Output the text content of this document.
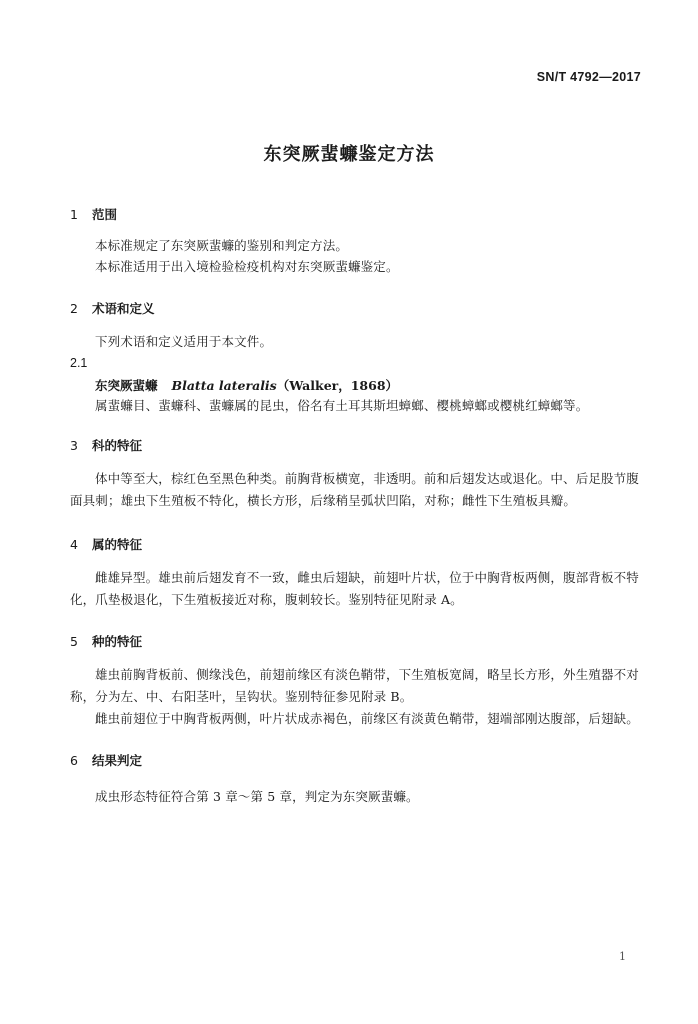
SN/T 4792—2017
东突厥蜚蠊鉴定方法
1 范围
本标准规定了东突厥蜚蠊的鉴别和判定方法。
本标准适用于出入境检验检疫机构对东突厥蜚蠊鉴定。
2 术语和定义
下列术语和定义适用于本文件。
2.1
东突厥蜚蠊 Blatta lateralis（Walker，1868）
属蜚蠊目、蜚蠊科、蜚蠊属的昆虫，俗名有土耳其斯坦蟑螂、樱桃蟑螂或樱桃红蟑螂等。
3 科的特征
体中等至大，棕红色至黑色种类。前胸背板横宽，非透明。前和后翅发达或退化。中、后足股节腹面具刺；雄虫下生殖板不特化，横长方形，后缘稍呈弧状凹陷，对称；雌性下生殖板具瓣。
4 属的特征
雌雄异型。雄虫前后翅发育不一致，雌虫后翅缺，前翅叶片状，位于中胸背板两侧，腹部背板不特化，爪垫极退化，下生殖板接近对称，腹刺较长。鉴别特征见附录 A。
5 种的特征
雄虫前胸背板前、侧缘浅色，前翅前缘区有淡色鞘带，下生殖板宽阔，略呈长方形，外生殖器不对称，分为左、中、右阳茎叶，呈钩状。鉴别特征参见附录 B。
雌虫前翅位于中胸背板两侧，叶片状成赤褐色，前缘区有淡黄色鞘带，翅端部刚达腹部，后翅缺。
6 结果判定
成虫形态特征符合第 3 章～第 5 章，判定为东突厥蜚蠊。
1
